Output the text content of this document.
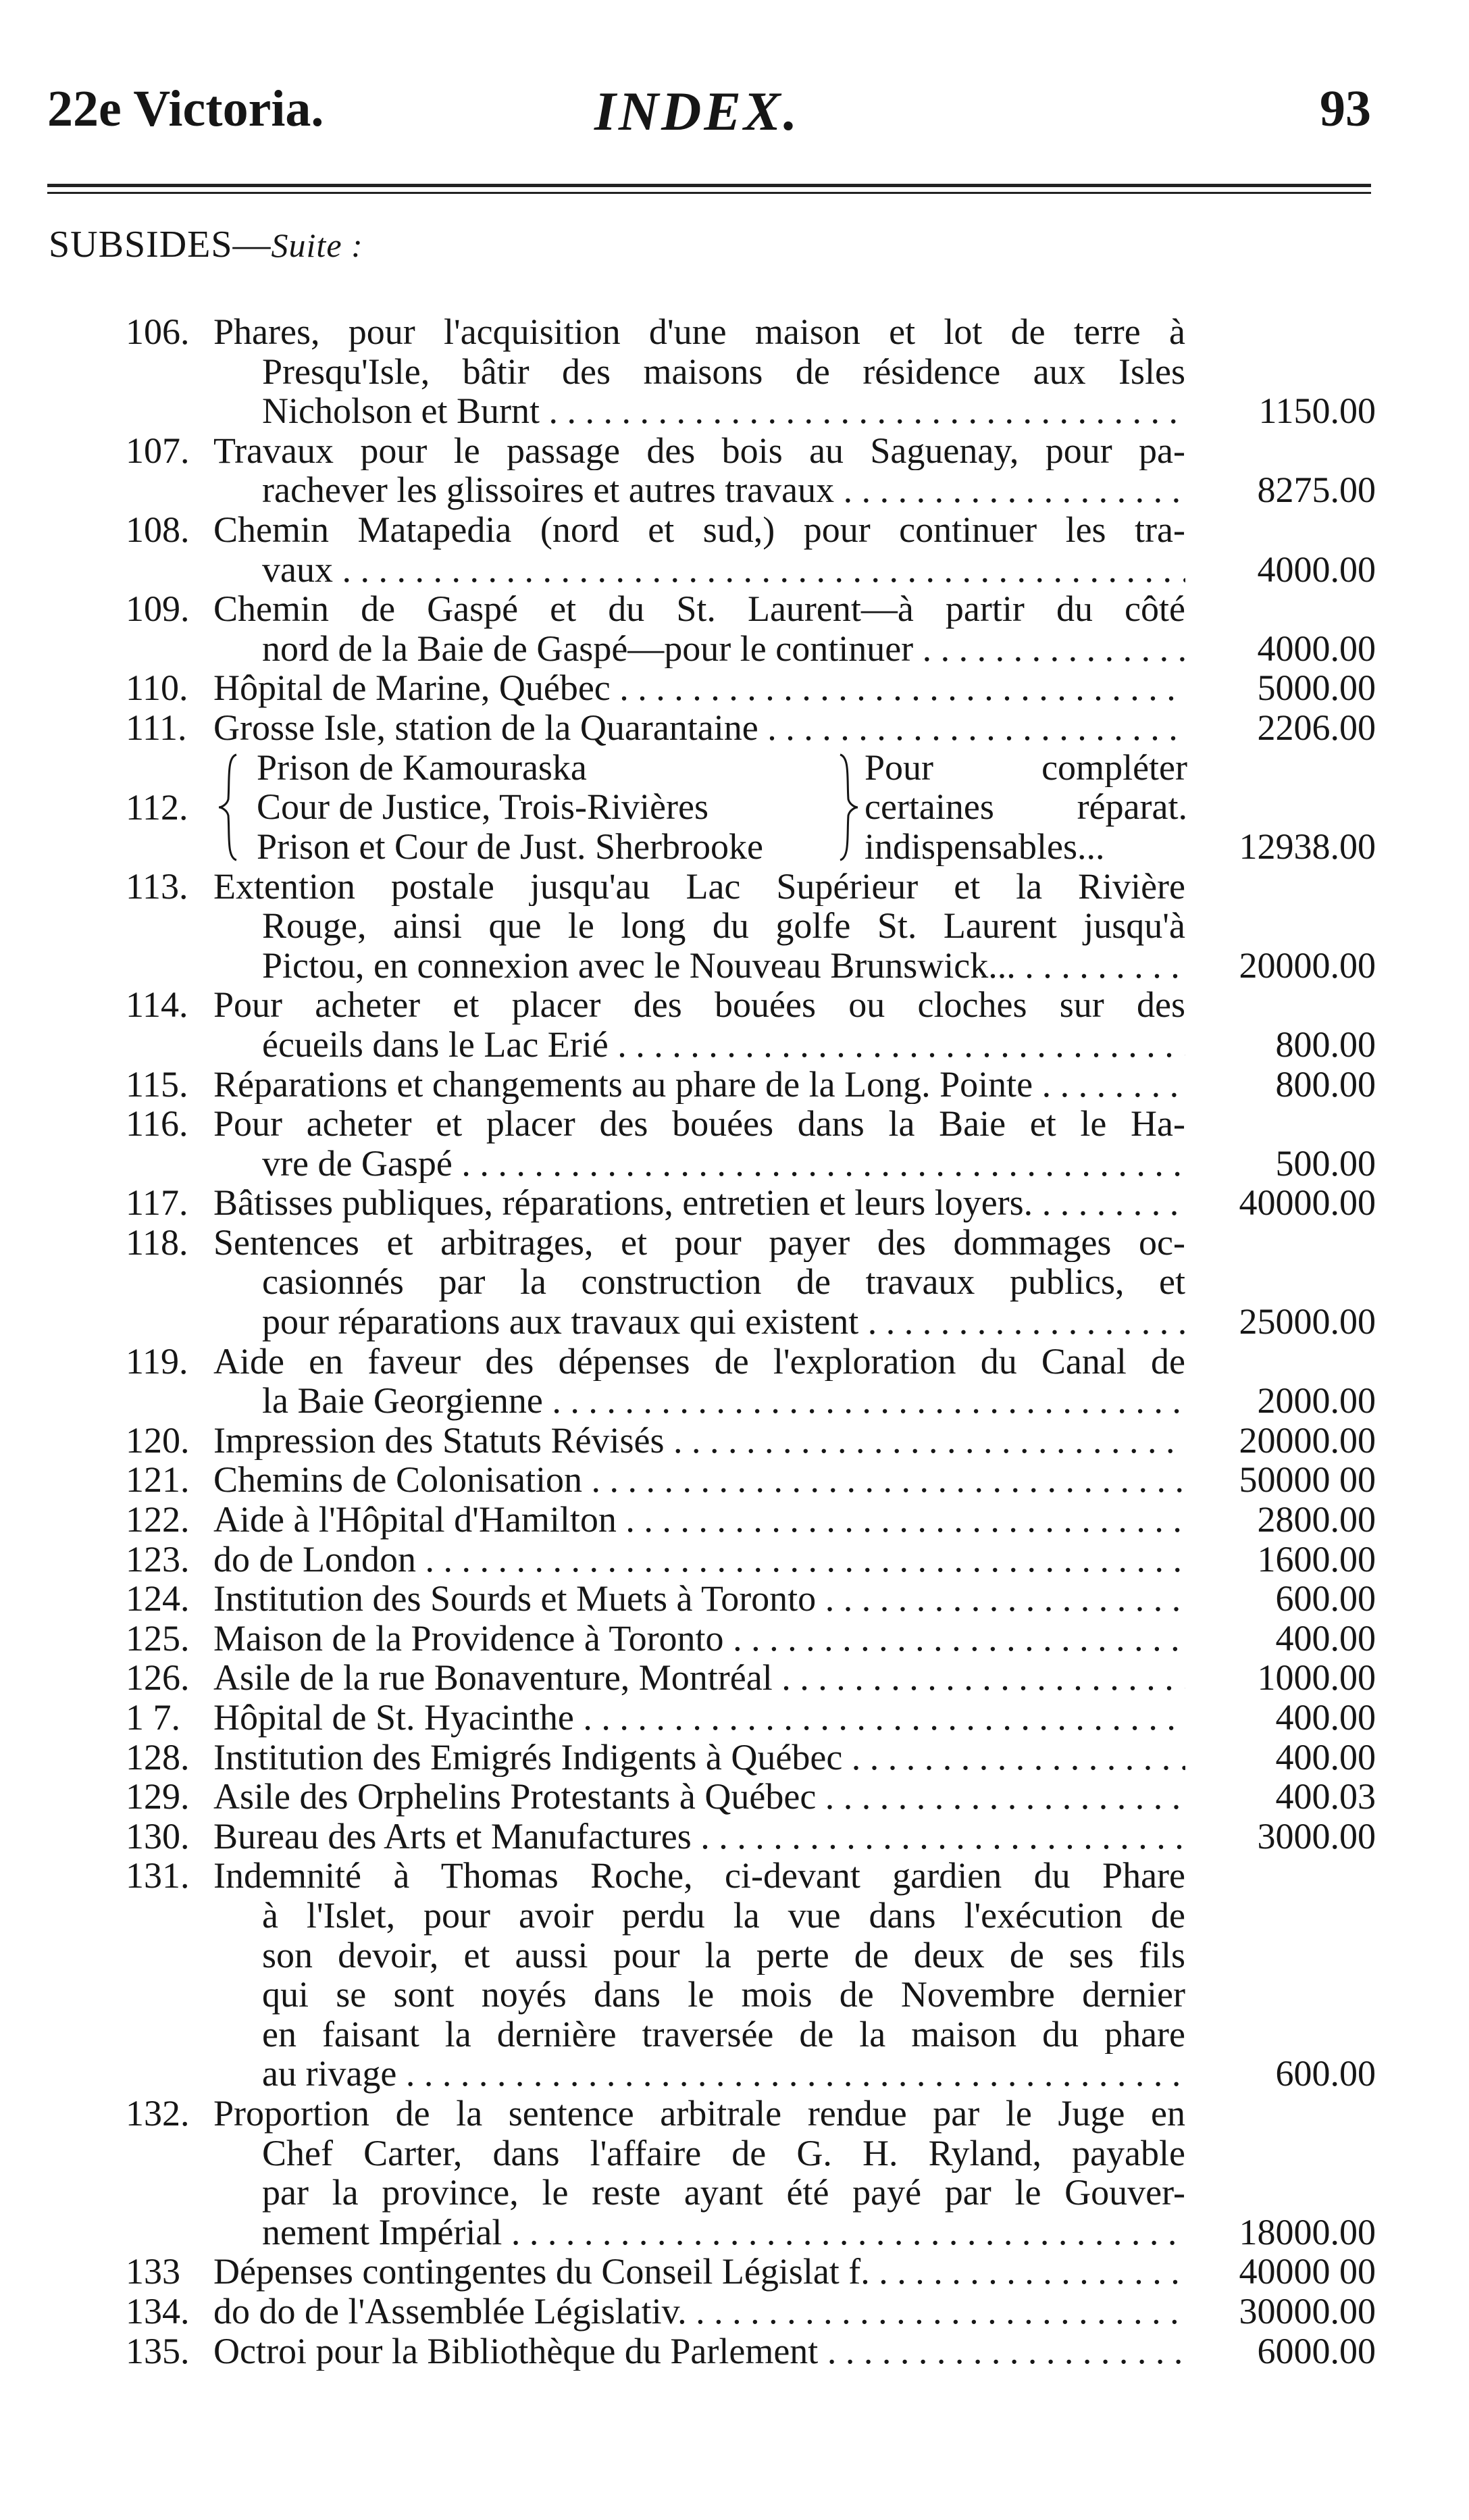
22e Victoria.	INDEX.	93
SUBSIDES—Suite :
106. Phares, pour l'acquisition d'une maison et lot de terre à
Presqu'Isle, bâtir des maisons de résidence aux Isles
Nicholson et Burnt . . .	1150.00
107. Travaux pour le passage des bois au Saguenay, pour pa-
rachever les glissoires et autres travaux . . .	8275.00
108. Chemin Matapedia (nord et sud,) pour continuer les tra-
vaux . . .	4000.00
109. Chemin de Gaspé et du St. Laurent—à partir du côté
nord de la Baie de Gaspé—pour le continuer . . .	4000.00
110. Hôpital de Marine, Québec . . .	5000.00
111. Grosse Isle, station de la Quarantaine . . .	2206.00
112.
Prison de Kamouraska
Cour de Justice, Trois-Rivières
Prison et Cour de Just. Sherbrooke
Pour compléter
certaines réparat.
indispensables...	12938.00
113. Extention postale jusqu'au Lac Supérieur et la Rivière
Rouge, ainsi que le long du golfe St. Laurent jusqu'à
Pictou, en connexion avec le Nouveau Brunswick... . . .	20000.00
114. Pour acheter et placer des bouées ou cloches sur des
écueils dans le Lac Erié . . .	800.00
115. Réparations et changements au phare de la Long. Pointe . . .	800.00
116. Pour acheter et placer des bouées dans la Baie et le Ha-
vre de Gaspé . . .	500.00
117. Bâtisses publiques, réparations, entretien et leurs loyers. . . .	40000.00
118. Sentences et arbitrages, et pour payer des dommages oc-
casionnés par la construction de travaux publics, et
pour réparations aux travaux qui existent . . .	25000.00
119. Aide en faveur des dépenses de l'exploration du Canal de
la Baie Georgienne . . .	2000.00
120. Impression des Statuts Révisés . . .	20000.00
121. Chemins de Colonisation . . .	50000 00
122. Aide à l'Hôpital d'Hamilton . . .	2800.00
123. do de London . . .	1600.00
124. Institution des Sourds et Muets à Toronto . . .	600.00
125. Maison de la Providence à Toronto . . .	400.00
126. Asile de la rue Bonaventure, Montréal . . .	1000.00
1 7. Hôpital de St. Hyacinthe . . .	400.00
128. Institution des Emigrés Indigents à Québec . . .	400.00
129. Asile des Orphelins Protestants à Québec . . .	400.03
130. Bureau des Arts et Manufactures . . .	3000.00
131. Indemnité à Thomas Roche, ci-devant gardien du Phare
à l'Islet, pour avoir perdu la vue dans l'exécution de
son devoir, et aussi pour la perte de deux de ses fils
qui se sont noyés dans le mois de Novembre dernier
en faisant la dernière traversée de la maison du phare
au rivage . . .	600.00
132. Proportion de la sentence arbitrale rendue par le Juge en
Chef Carter, dans l'affaire de G. H. Ryland, payable
par la province, le reste ayant été payé par le Gouver-
nement Impérial . . .	18000.00
133 Dépenses contingentes du Conseil Législat f. . . .	40000 00
134. do do de l'Assemblée Législativ. . . .	30000.00
135. Octroi pour la Bibliothèque du Parlement . . .	6000.00
